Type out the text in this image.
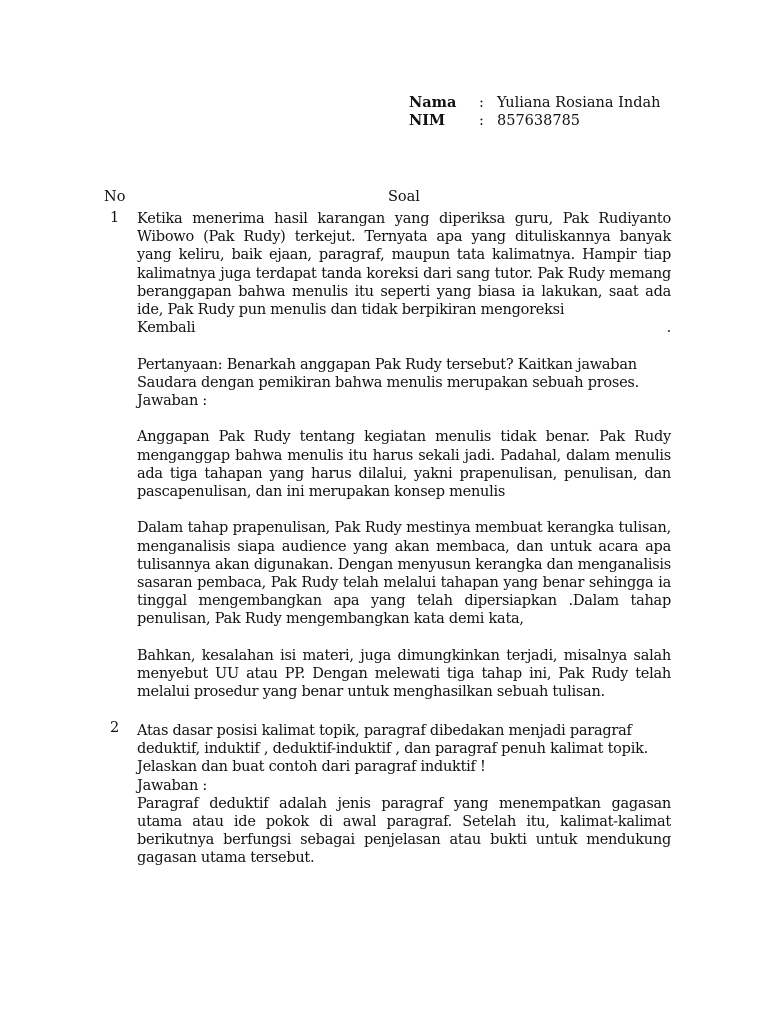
Nama	: Yuliana Rosiana Indah
NIM	: 857638785
No	Soal
1 Ketika menerima hasil karangan yang diperiksa guru, Pak Rudiyanto Wibowo (Pak Rudy) terkejut. Ternyata apa yang dituliskannya banyak yang keliru, baik ejaan, paragraf, maupun tata kalimatnya. Hampir tiap kalimatnya juga terdapat tanda koreksi dari sang tutor. Pak Rudy memang beranggapan bahwa menulis itu seperti yang biasa ia lakukan, saat ada ide, Pak Rudy pun menulis dan tidak berpikiran mengoreksi

Kembali	.

Pertanyaan: Benarkah anggapan Pak Rudy tersebut? Kaitkan jawaban Saudara dengan pemikiran bahwa menulis merupakan sebuah proses.

Jawaban :

Anggapan Pak Rudy tentang kegiatan menulis tidak benar. Pak Rudy menganggap bahwa menulis itu harus sekali jadi. Padahal, dalam menulis ada tiga tahapan yang harus dilalui, yakni prapenulisan, penulisan, dan pascapenulisan, dan ini merupakan konsep menulis

Dalam tahap prapenulisan, Pak Rudy mestinya membuat kerangka tulisan, menganalisis siapa audience yang akan membaca, dan untuk acara apa tulisannya akan digunakan. Dengan menyusun kerangka dan menganalisis sasaran pembaca, Pak Rudy telah melalui tahapan yang benar sehingga ia tinggal mengembangkan apa yang telah dipersiapkan .Dalam tahap penulisan, Pak Rudy mengembangkan kata demi kata,

Bahkan, kesalahan isi materi, juga dimungkinkan terjadi, misalnya salah menyebut UU atau PP. Dengan melewati tiga tahap ini, Pak Rudy telah melalui prosedur yang benar untuk menghasilkan sebuah tulisan.

2 Atas dasar posisi kalimat topik, paragraf dibedakan menjadi paragraf deduktif, induktif , deduktif-induktif , dan paragraf penuh kalimat topik. Jelaskan dan buat contoh dari paragraf induktif !

Jawaban :

Paragraf deduktif adalah jenis paragraf yang menempatkan gagasan utama atau ide pokok di awal paragraf. Setelah itu, kalimat-kalimat berikutnya berfungsi sebagai penjelasan atau bukti untuk mendukung gagasan utama tersebut.
